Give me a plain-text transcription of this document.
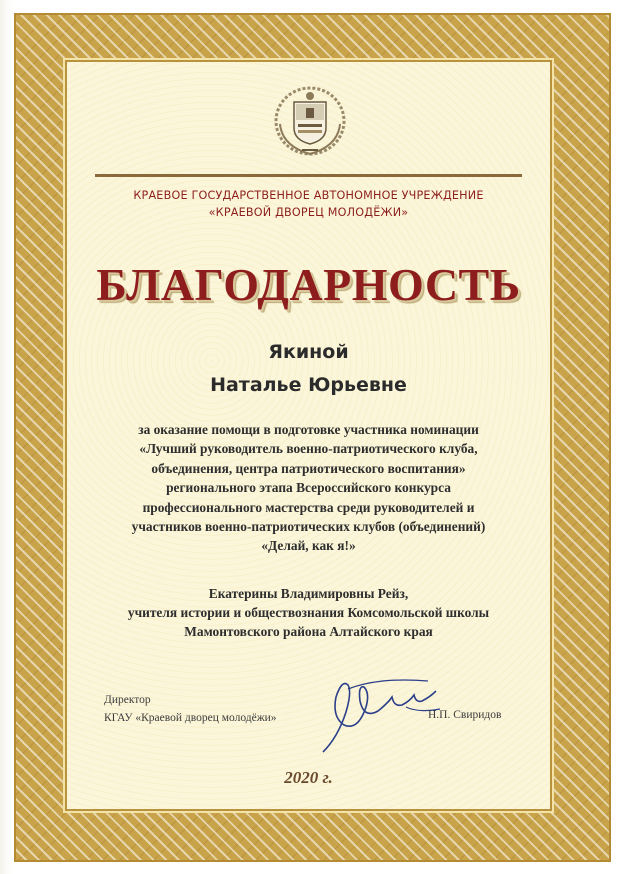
КРАЕВОЕ ГОСУДАРСТВЕННОЕ АВТОНОМНОЕ УЧРЕЖДЕНИЕ
«КРАЕВОЙ ДВОРЕЦ МОЛОДЁЖИ»
БЛАГОДАРНОСТЬ
Якиной
Наталье Юрьевне
за оказание помощи в подготовке участника номинации
«Лучший руководитель военно-патриотического клуба,
объединения, центра патриотического воспитания»
регионального этапа Всероссийского конкурса
профессионального мастерства среди руководителей и
участников военно-патриотических клубов (объединений)
«Делай, как я!»
Екатерины Владимировны Рейз,
учителя истории и обществознания Комсомольской школы
Мамонтовского района Алтайского края
Директор
КГАУ «Краевой дворец молодёжи»	Н.П. Свиридов
2020 г.
